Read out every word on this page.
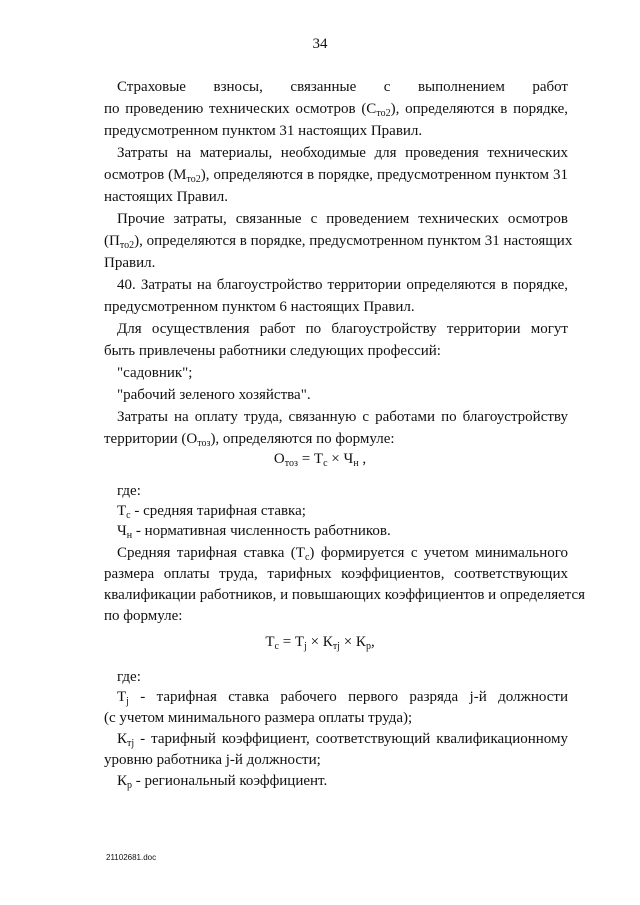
34
Страховые взносы, связанные с выполнением работ
по проведению технических осмотров $(С_{то2})$, определяются в порядке,
предусмотренном пунктом 31 настоящих Правил.
Затраты на материалы, необходимые для проведения технических
осмотров $(М_{то2})$, определяются в порядке, предусмотренном пунктом 31
настоящих Правил.
Прочие затраты, связанные с проведением технических осмотров
$(П_{то2})$, определяются в порядке, предусмотренном пунктом 31 настоящих
Правил.
40. Затраты на благоустройство территории определяются в порядке,
предусмотренном пунктом 6 настоящих Правил.
Для осуществления работ по благоустройству территории могут
быть привлечены работники следующих профессий:
"садовник";
"рабочий зеленого хозяйства".
Затраты на оплату труда, связанную с работами по благоустройству
территории $(О_{тоз})$, определяются по формуле:
$О_{тоз} = Т_с \times Ч_н$ ,
где:
$Т_с$ - средняя тарифная ставка;
$Ч_н$ - нормативная численность работников.
Средняя тарифная ставка $(Т_с)$ формируется с учетом минимального
размера оплаты труда, тарифных коэффициентов, соответствующих
квалификации работников, и повышающих коэффициентов и определяется
по формуле:
$Т_с = Т_j \times К_{тj} \times К_р$,
где:
$Т_j$ - тарифная ставка рабочего первого разряда j-й должности
(с учетом минимального размера оплаты труда);
$К_{тj}$ - тарифный коэффициент, соответствующий квалификационному
уровню работника j-й должности;
$К_р$ - региональный коэффициент.
21102681.doc
